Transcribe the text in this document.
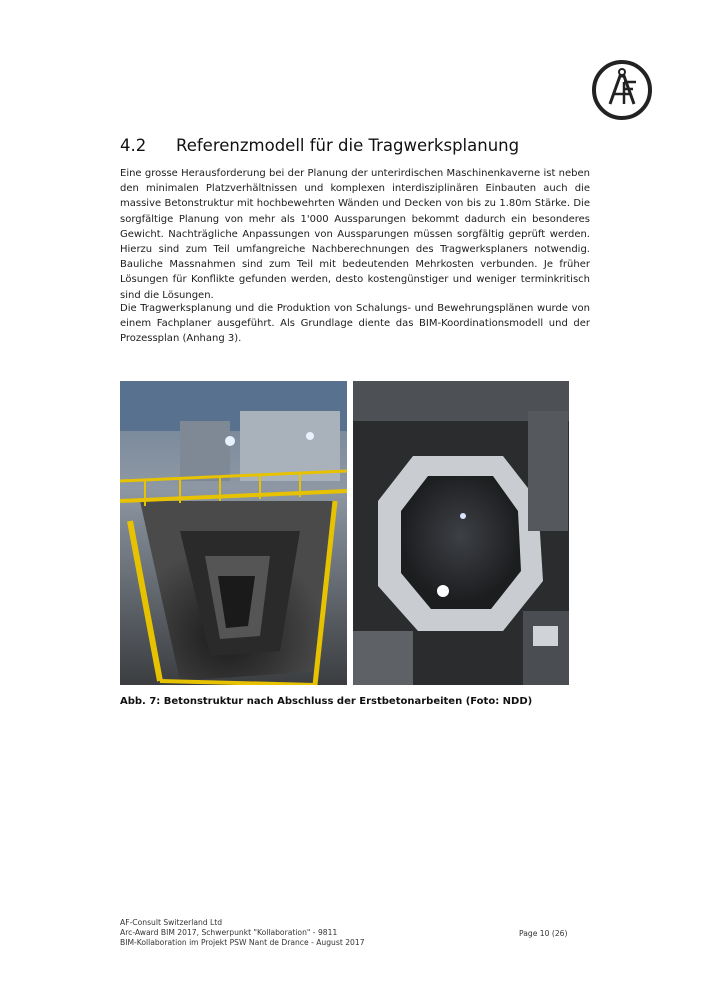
4.2	Referenzmodell für die Tragwerksplanung

Eine grosse Herausforderung bei der Planung der unterirdischen Maschinenkaverne ist neben den minimalen Platzverhältnissen und komplexen interdisziplinären Einbauten auch die massive Betonstruktur mit hochbewehrten Wänden und Decken von bis zu 1.80m Stärke. Die sorgfältige Planung von mehr als 1'000 Aussparungen bekommt dadurch ein besonderes Gewicht. Nachträgliche Anpassungen von Aussparungen müssen sorgfältig geprüft werden. Hierzu sind zum Teil umfangreiche Nachberechnungen des Tragwerksplaners notwendig. Bauliche Massnahmen sind zum Teil mit bedeutenden Mehrkosten verbunden. Je früher Lösungen für Konflikte gefunden werden, desto kostengünstiger und weniger terminkritisch sind die Lösungen.

Die Tragwerksplanung und die Produktion von Schalungs- und Bewehrungsplänen wurde von einem Fachplaner ausgeführt. Als Grundlage diente das BIM-Koordinationsmodell und der Prozessplan (Anhang 3).

Abb. 7: Betonstruktur nach Abschluss der Erstbetonarbeiten (Foto: NDD)
AF-Consult Switzerland Ltd
Arc-Award BIM 2017, Schwerpunkt "Kollaboration" - 9811
BIM-Kollaboration im Projekt PSW Nant de Drance - August 2017
Page 10 (26)
